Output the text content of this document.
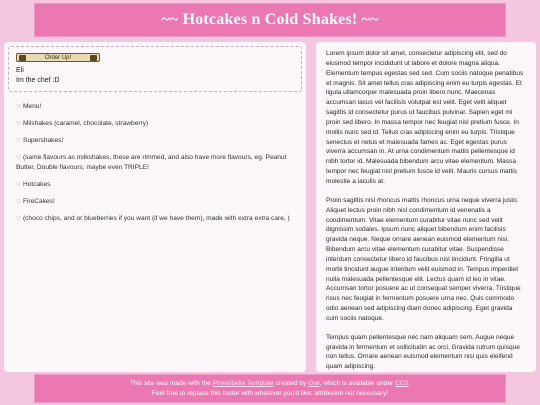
~~ Hotcakes n Cold Shakes! ~~
Order Up!

Eli

Im the chef :D

♡ Menu!
♡ Milshakes (caramel, chocolate, strawberry)
♡ Supershakes!
♡ (same flavours as milkshakes, these are rimmed, and also have more flavours, eg. Peanut Butter, Double flavours, maybe even TRIPLE!
♡ Hotcakes
♡ FireCakes!
♡ (choco chips, and or blueberries if you want (if we have them), made with extra extra care, )

Lorem ipsum dolor sit amet, consectetur adipiscing elit, sed do eiusmod tempor incididunt ut labore et dolore magna aliqua. Elementum tempus egestas sed sed. Cum sociis natoque penatibus et magnis. Sit amet tellus cras adipiscing enim eu turpis egestas. Et ligula ullamcorper malesuada proin libero nunc. Maecenas accumsan lacus vel facilisis volutpat est velit. Eget velit aliquet sagittis id consectetur purus ut faucibus pulvinar. Sapien eget mi proin sed libero. In massa tempor nec feugiat nisl pretium fusce. In mollis nunc sed id. Tellus cras adipiscing enim eu turpis. Tristique senectus et netus et malesuada fames ac. Eget egestas purus viverra accumsan in. At urna condimentum mattis pellentesque id nibh tortor id. Malesuada bibendum arcu vitae elementum. Massa tempor nec feugiat nisl pretium fusce id velit. Mauris cursus mattis molestie a iaculis at.

Proin sagittis nisl rhoncus mattis rhoncus urna neque viverra justo. Aliquet lectus proin nibh nisl condimentum id venenatis a condimentum. Vitae elementum curabitur vitae nunc sed velit dignissim sodales. Ipsum nunc aliquet bibendum enim facilisis gravida neque. Neque ornare aenean euismod elementum nisi. Bibendum arcu vitae elementum curabitur vitae. Suspendisse interdum consectetur libero id faucibus nisl tincidunt. Fringilla ut morbi tincidunt augue interdum velit euismod in. Tempus imperdiet nulla malesuada pellentesque elit. Lectus quam id leo in vitae. Accumsan tortor posuere ac ut consequat semper viverra. Tristique risus nec feugiat in fermentum posuere urna nec. Quis commodo odio aenean sed adipiscing diam donec adipiscing. Eget gravida cum sociis natoque.

Tempus quam pellentesque nec nam aliquam sem. Augue neque gravida in fermentum et sollicitudin ac orci. Gravida rutrum quisque non tellus. Ornare aenean euismod elementum nisi quis eleifend quam adipiscing.

This site was made with the Pinkerbelle Template created by Owl, which is available under CC0.

Feel free to replace this footer with whatever you'd like; attribution not necessary!
